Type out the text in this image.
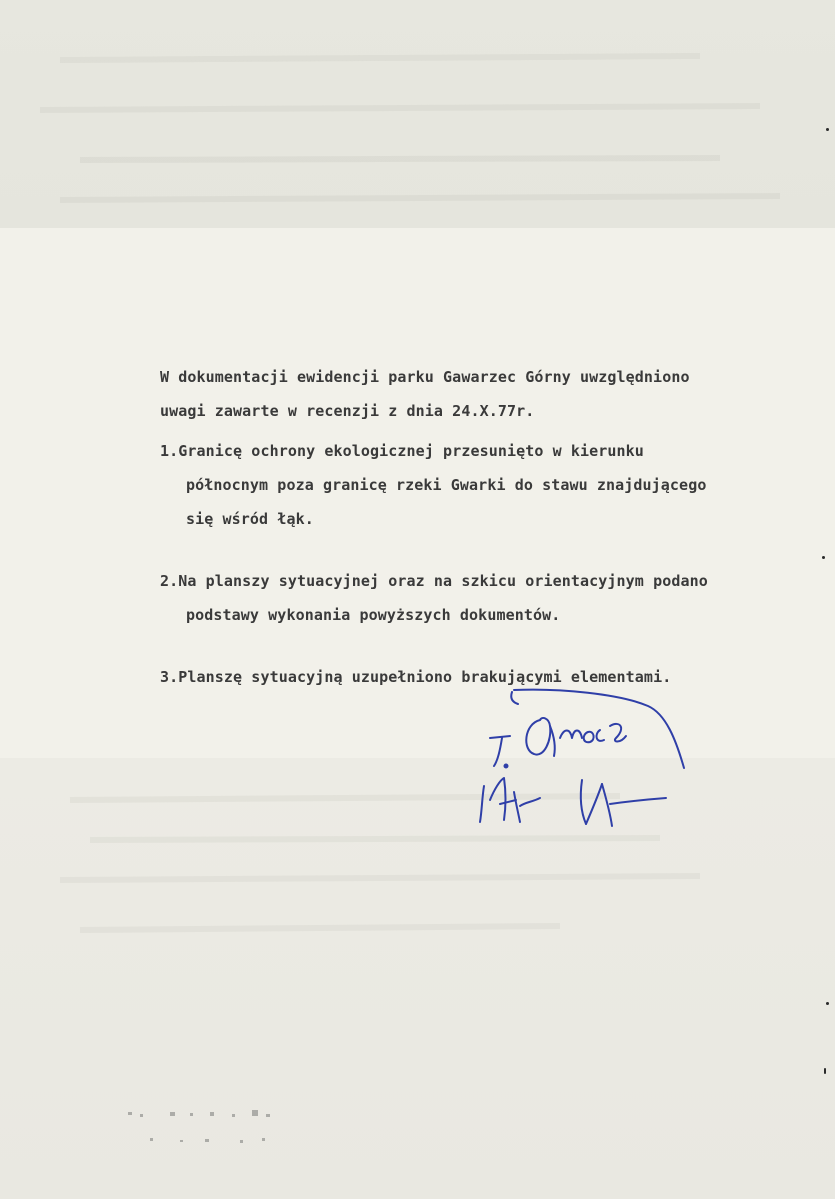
W dokumentacji ewidencji parku Gawarzec Górny uwzględniono
uwagi zawarte w recenzji z dnia 24.X.77r.
1.Granicę ochrony ekologicznej przesunięto w kierunku
północnym poza granicę rzeki Gwarki do stawu znajdującego
się wśród łąk.
2.Na planszy sytuacyjnej oraz na szkicu orientacyjnym podano
podstawy wykonania powyższych dokumentów.
3.Planszę sytuacyjną uzupełniono brakującymi elementami.
